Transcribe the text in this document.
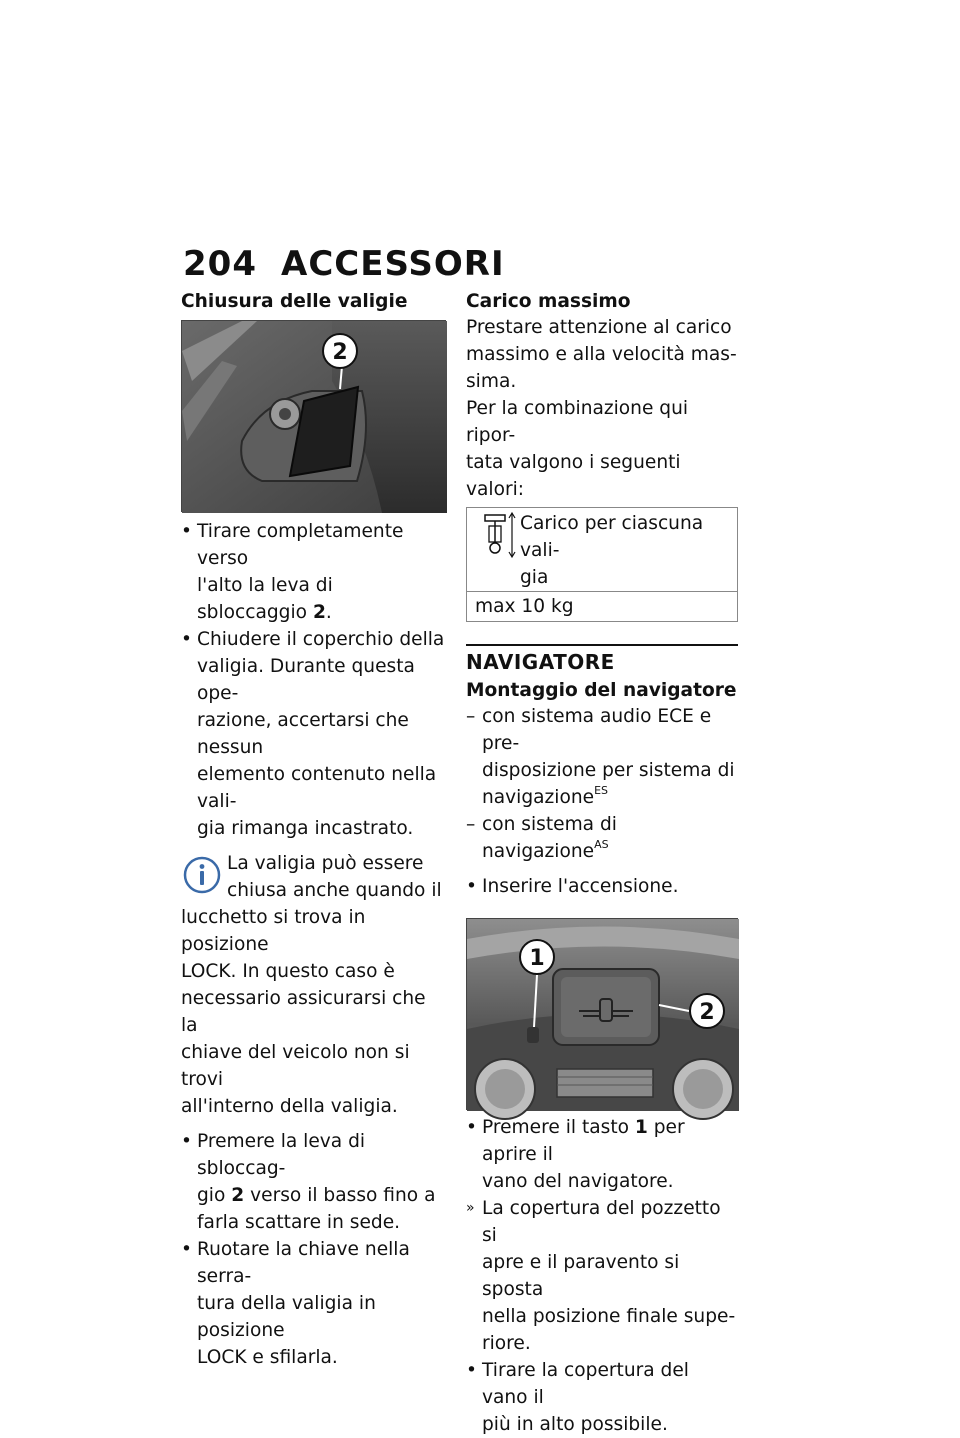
204 ACCESSORI
Chiusura delle valigie
2
• Tirare completamente verso
l'alto la leva di sbloccaggio 2.
• Chiudere il coperchio della
valigia. Durante questa ope-
razione, accertarsi che nessun
elemento contenuto nella vali-
gia rimanga incastrato.
La valigia può essere
chiusa anche quando il
lucchetto si trova in posizione
LOCK. In questo caso è
necessario assicurarsi che la
chiave del veicolo non si trovi
all'interno della valigia.
• Premere la leva di sbloccag-
gio 2 verso il basso fino a
farla scattare in sede.
• Ruotare la chiave nella serra-
tura della valigia in posizione
LOCK e sfilarla.
Carico massimo
Prestare attenzione al carico
massimo e alla velocità mas-
sima.
Per la combinazione qui ripor-
tata valgono i seguenti valori:
Carico per ciascuna vali-
gia

max 10 kg
NAVIGATORE
Montaggio del navigatore
– con sistema audio ECE e pre-
disposizione per sistema di
navigazione$^{ES}$
– con sistema di navigazione$^{AS}$
• Inserire l'accensione.
1
2
• Premere il tasto 1 per aprire il
vano del navigatore.
» La copertura del pozzetto si
apre e il paravento si sposta
nella posizione finale supe-
riore.
• Tirare la copertura del vano il
più in alto possibile.
